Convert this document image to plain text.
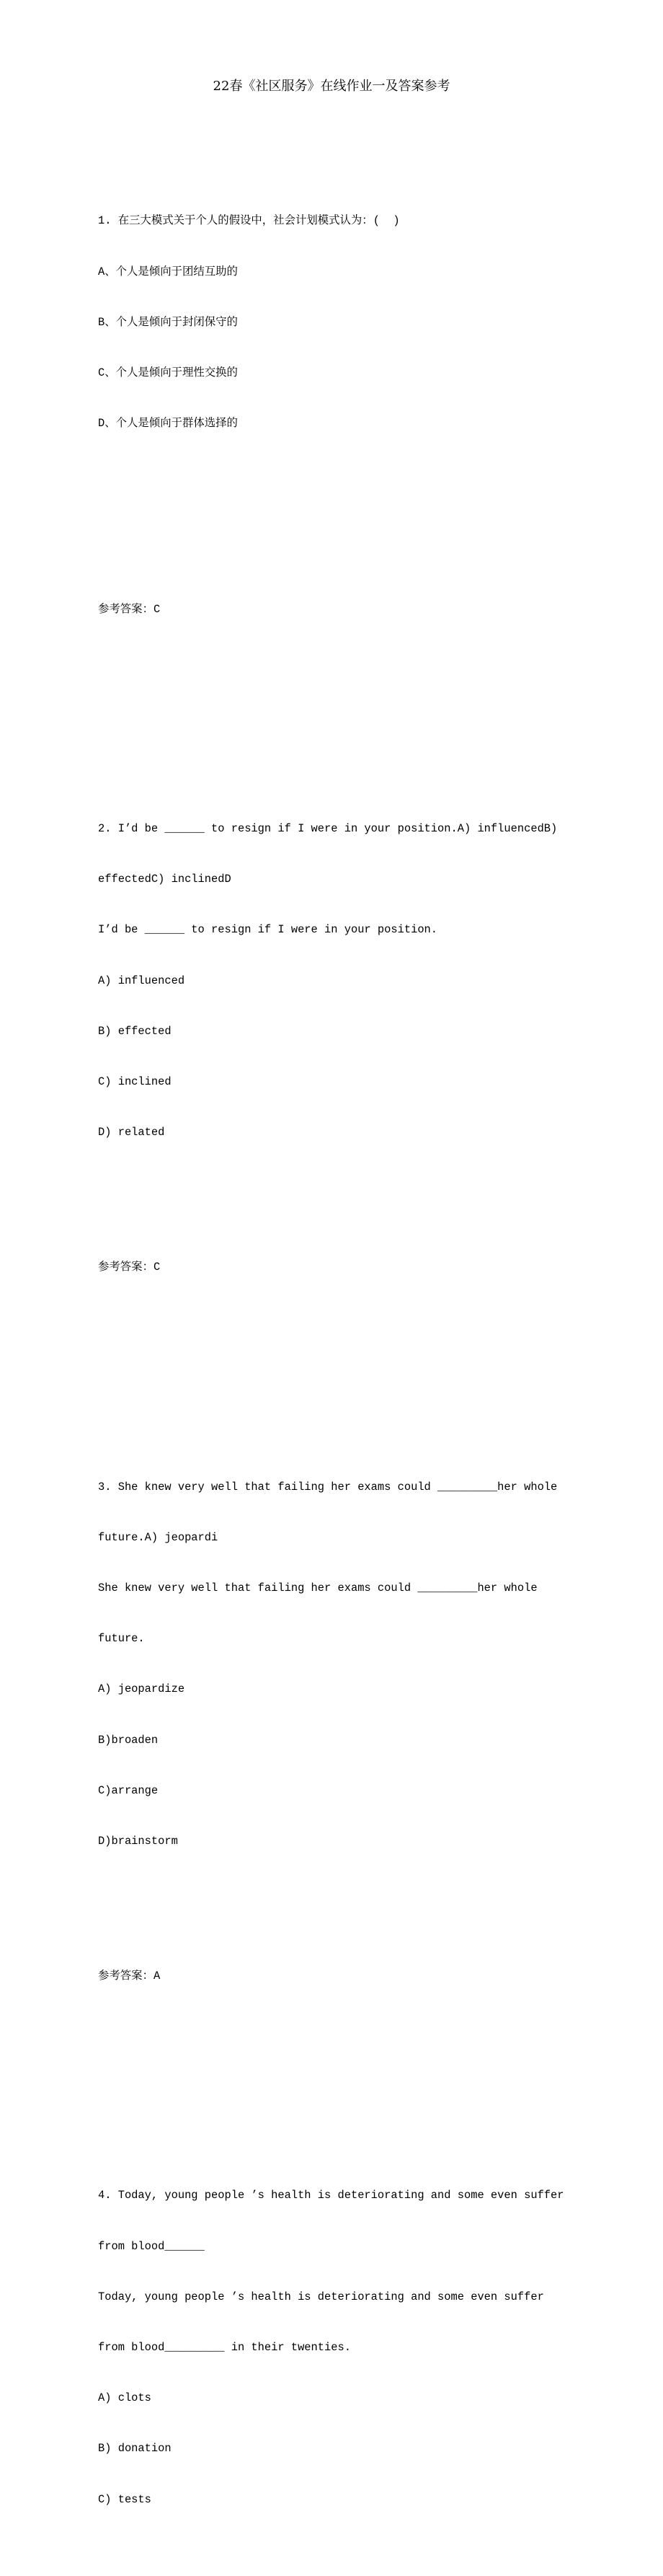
22春《社区服务》在线作业一及答案参考

1. 在三大模式关于个人的假设中，社会计划模式认为：(  )

A、个人是倾向于团结互助的

B、个人是倾向于封闭保守的

C、个人是倾向于理性交换的

D、个人是倾向于群体选择的

参考答案：C

2. I’d be ______ to resign if I were in your position.A) influencedB)

effectedC) inclinedD

I’d be ______ to resign if I were in your position.

A) influenced

B) effected

C) inclined

D) related

参考答案：C

3. She knew very well that failing her exams could _________her whole

future.A) jeopardi

She knew very well that failing her exams could _________her whole

future.

A) jeopardize

B)broaden

C)arrange

D)brainstorm

参考答案：A

4. Today, young people ’s health is deteriorating and some even suffer

from blood______

Today, young people ’s health is deteriorating and some even suffer

from blood_________ in their twenties.

A) clots

B) donation

C) tests
